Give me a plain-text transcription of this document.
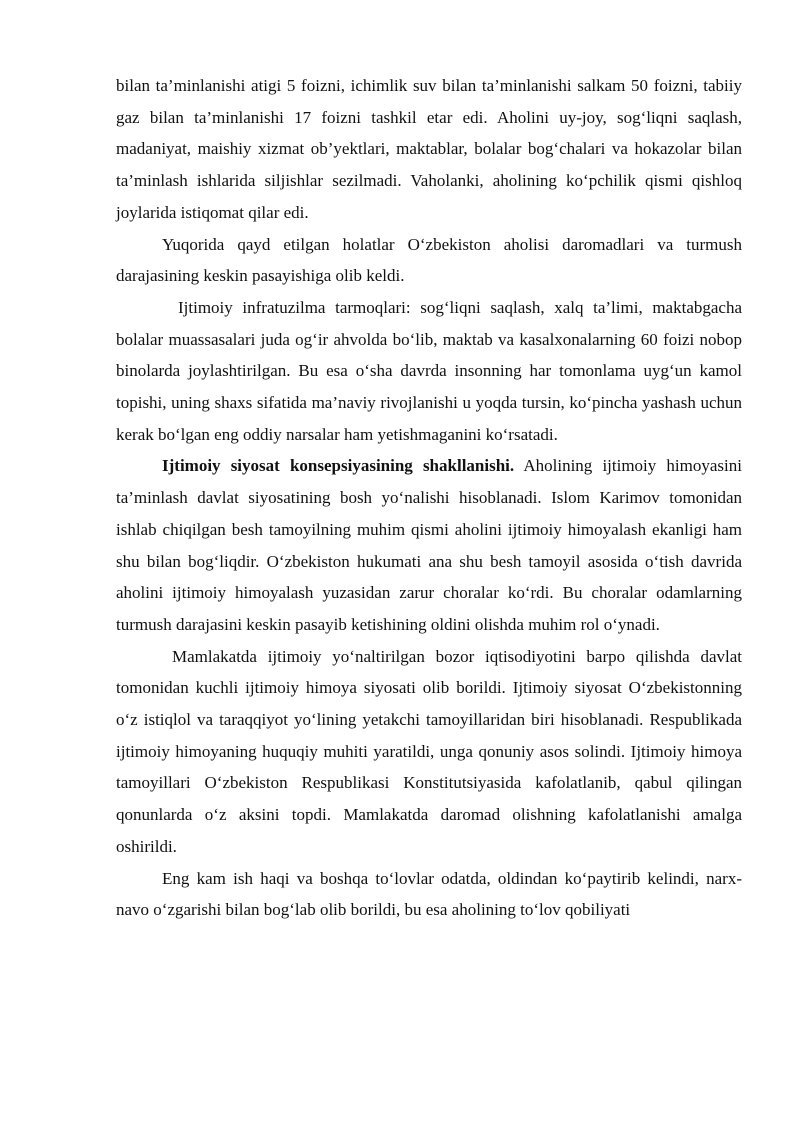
bilan ta’minlanishi atigi 5 foizni, ichimlik suv bilan ta’minlanishi salkam 50 foizni, tabiiy gaz bilan ta’minlanishi 17 foizni tashkil etar edi. Aholini uy-joy, sog‘liqni saqlash, madaniyat, maishiy xizmat ob’yektlari, maktablar, bolalar bog‘chalari va hokazolar bilan ta’minlash ishlarida siljishlar sezilmadi. Vaholanki, aholining ko‘pchilik qismi qishloq joylarida istiqomat qilar edi.

Yuqorida qayd etilgan holatlar O‘zbekiston aholisi daromadlari va turmush darajasining keskin pasayishiga olib keldi.

Ijtimoiy infratuzilma tarmoqlari: sog‘liqni saqlash, xalq ta’limi, maktabgacha bolalar muassasalari juda og‘ir ahvolda bo‘lib, maktab va kasalxonalarning 60 foizi nobop binolarda joylashtirilgan. Bu esa o‘sha davrda insonning har tomonlama uyg‘un kamol topishi, uning shaxs sifatida ma’naviy rivojlanishi u yoqda tursin, ko‘pincha yashash uchun kerak bo‘lgan eng oddiy narsalar ham yetishmaganini ko‘rsatadi.

Ijtimoiy siyosat konsepsiyasining shakllanishi. Aholining ijtimoiy himoyasini ta’minlash davlat siyosatining bosh yo‘nalishi hisoblanadi. Islom Karimov tomonidan ishlab chiqilgan besh tamoyilning muhim qismi aholini ijtimoiy himoyalash ekanligi ham shu bilan bog‘liqdir. O‘zbekiston hukumati ana shu besh tamoyil asosida o‘tish davrida aholini ijtimoiy himoyalash yuzasidan zarur choralar ko‘rdi. Bu choralar odamlarning turmush darajasini keskin pasayib ketishining oldini olishda muhim rol o‘ynadi.

Mamlakatda ijtimoiy yo‘naltirilgan bozor iqtisodiyotini barpo qilishda davlat tomonidan kuchli ijtimoiy himoya siyosati olib borildi. Ijtimoiy siyosat O‘zbekistonning o‘z istiqlol va taraqqiyot yo‘lining yetakchi tamoyillaridan biri hisoblanadi. Respublikada ijtimoiy himoyaning huquqiy muhiti yaratildi, unga qonuniy asos solindi. Ijtimoiy himoya tamoyillari O‘zbekiston Respublikasi Konstitutsiyasida kafolatlanib, qabul qilingan qonunlarda o‘z aksini topdi. Mamlakatda daromad olishning kafolatlanishi amalga oshirildi.

Eng kam ish haqi va boshqa to‘lovlar odatda, oldindan ko‘paytirib kelindi, narx-navo o‘zgarishi bilan bog‘lab olib borildi, bu esa aholining to‘lov qobiliyati
